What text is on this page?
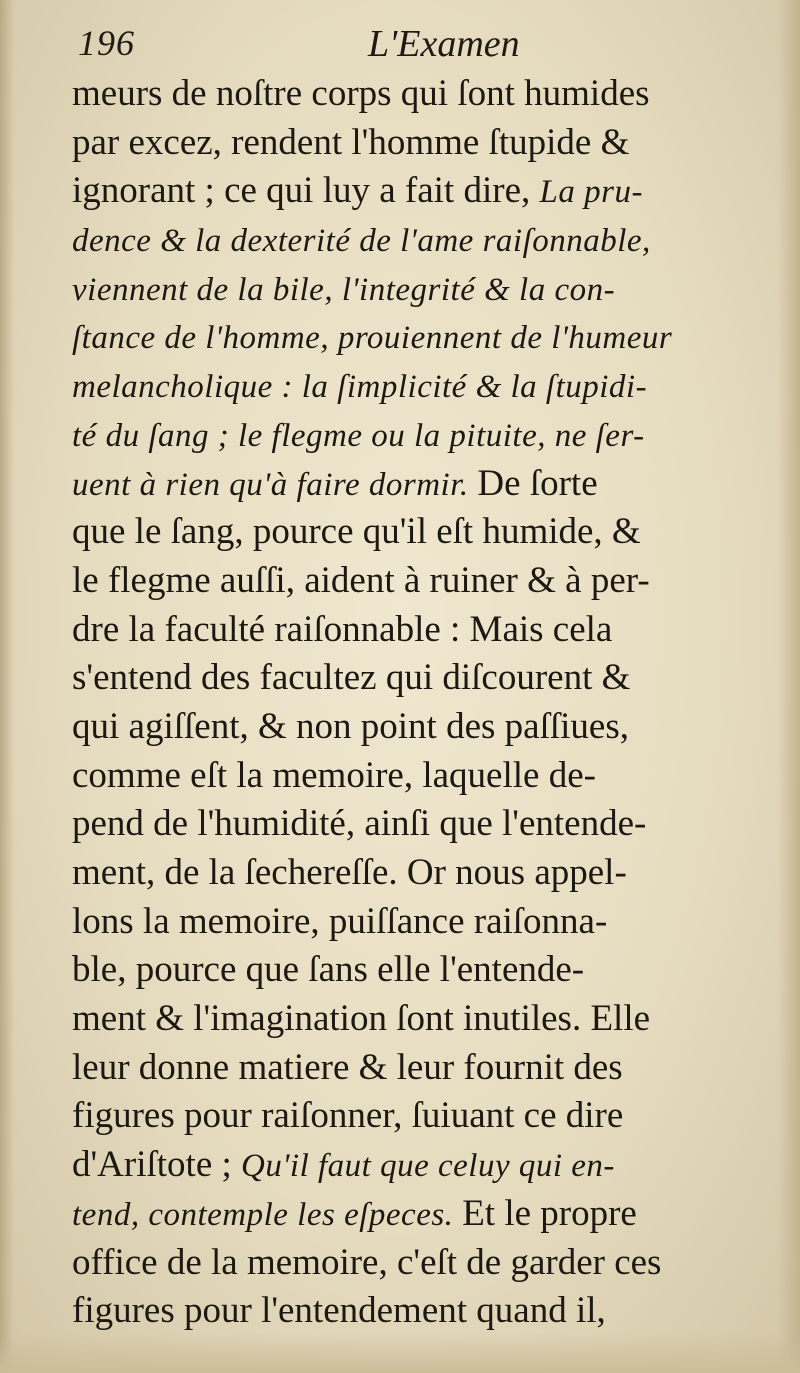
196	L'Examen
meurs de noſtre corps qui ſont humides
par excez, rendent l'homme ſtupide &
ignorant ; ce qui luy a fait dire, La pru-
dence & la dexterité de l'ame raiſonnable,
viennent de la bile, l'integrité & la con-
ſtance de l'homme, prouiennent de l'humeur
melancholique : la ſimplicité & la ſtupidi-
té du ſang ; le flegme ou la pituite, ne ſer-
uent à rien qu'à faire dormir. De ſorte
que le ſang, pource qu'il eſt humide, &
le flegme auſſi, aident à ruiner & à per-
dre la faculté raiſonnable : Mais cela
s'entend des facultez qui diſcourent &
qui agiſſent, & non point des paſſiues,
comme eſt la memoire, laquelle de-
pend de l'humidité, ainſi que l'entende-
ment, de la ſechereſſe. Or nous appel-
lons la memoire, puiſſance raiſonna-
ble, pource que ſans elle l'entende-
ment & l'imagination ſont inutiles. Elle
leur donne matiere & leur fournit des
figures pour raiſonner, ſuiuant ce dire
d'Ariſtote ; Qu'il faut que celuy qui en-
tend, contemple les eſpeces. Et le propre
office de la memoire, c'eſt de garder ces
figures pour l'entendement quand il,
